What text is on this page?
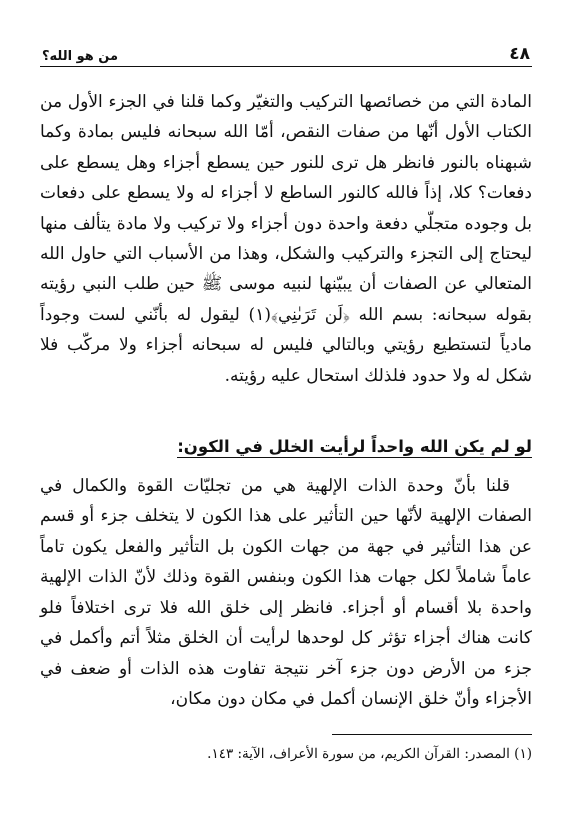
٤٨
من هو الله؟

المادة التي من خصائصها التركيب والتغيّر وكما قلنا في الجزء الأول من الكتاب الأول أنّها من صفات النقص، أمّا الله سبحانه فليس بمادة وكما شبهناه بالنور فانظر هل ترى للنور حين يسطع أجزاء وهل يسطع على دفعات؟ كلا، إذاً فالله كالنور الساطع لا أجزاء له ولا يسطع على دفعات بل وجوده متجلّي دفعة واحدة دون أجزاء ولا تركيب ولا مادة يتألف منها ليحتاج إلى التجزء والتركيب والشكل، وهذا من الأسباب التي حاول الله المتعالي عن الصفات أن يبيّنها لنبيه موسى ﷺ حين طلب النبي رؤيته بقوله سبحانه: بسم الله ﴿لَن تَرَىٰنِي﴾(١) ليقول له بأنّني لست وجوداً مادياً لتستطيع رؤيتي وبالتالي فليس له سبحانه أجزاء ولا مركّب فلا شكل له ولا حدود فلذلك استحال عليه رؤيته.

لو لم يكن الله واحداً لرأيت الخلل في الكون:

قلنا بأنّ وحدة الذات الإلهية هي من تجليّات القوة والكمال في الصفات الإلهية لأنّها حين التأثير على هذا الكون لا يتخلف جزء أو قسم عن هذا التأثير في جهة من جهات الكون بل التأثير والفعل يكون تاماً عاماً شاملاً لكل جهات هذا الكون وبنفس القوة وذلك لأنّ الذات الإلهية واحدة بلا أقسام أو أجزاء. فانظر إلى خلق الله فلا ترى اختلافاً فلو كانت هناك أجزاء تؤثر كل لوحدها لرأيت أن الخلق مثلاً أتم وأكمل في جزء من الأرض دون جزء آخر نتيجة تفاوت هذه الذات أو ضعف في الأجزاء وأنّ خلق الإنسان أكمل في مكان دون مكان،

(١) المصدر: القرآن الكريم، من سورة الأعراف، الآية: ١٤٣.
